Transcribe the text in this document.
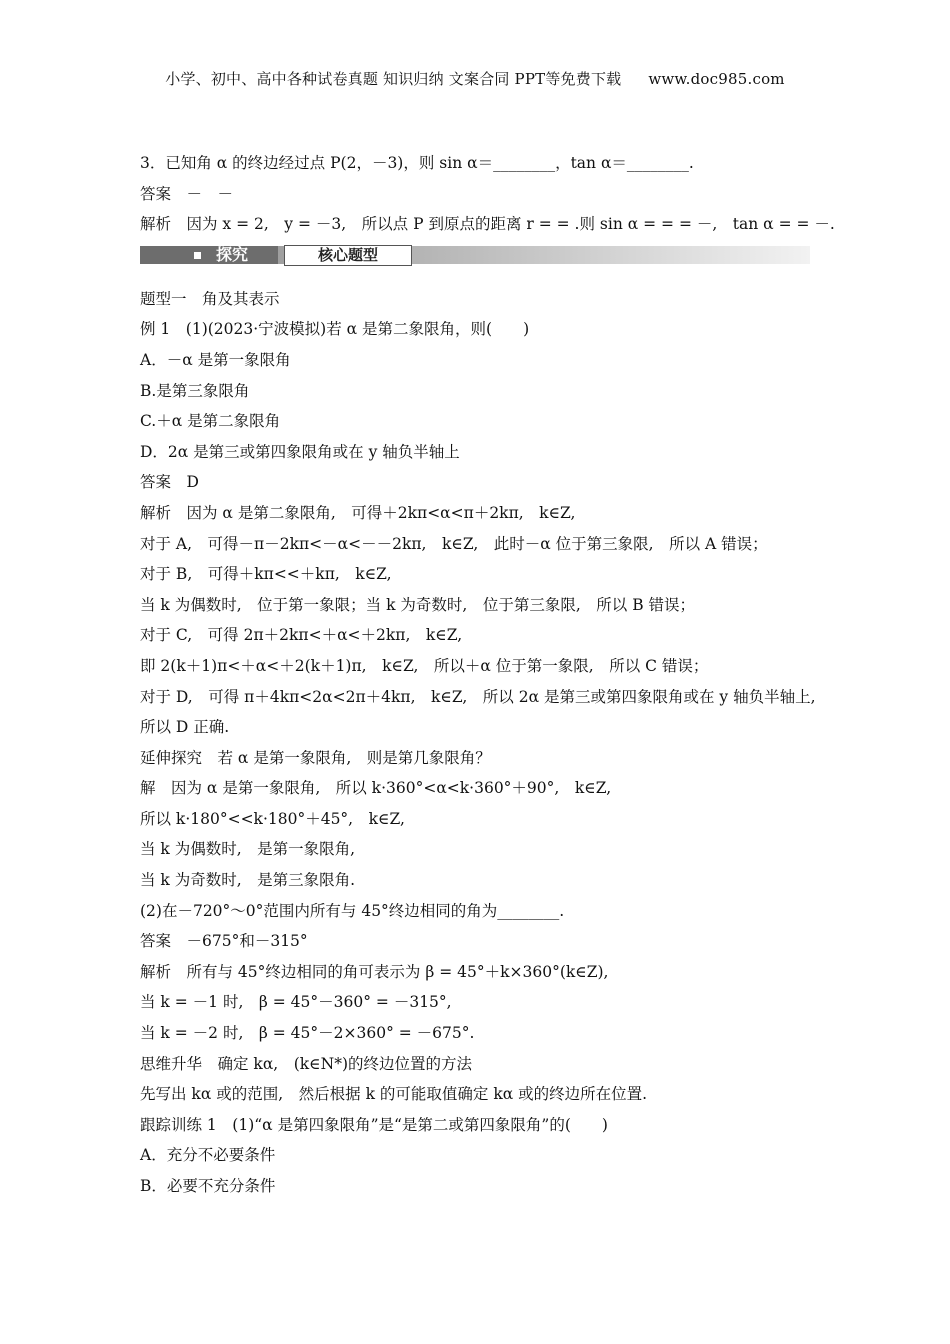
小学、初中、高中各种试卷真题 知识归纳 文案合同 PPT等免费下载 www.doc985.com
3．已知角 α 的终边经过点 P(2，－3)，则 sin α＝________，tan α＝________.
答案　－　－
解析　因为 x = 2,　y = －3,　所以点 P 到原点的距离 r = = .则 sin α = = = －,　tan α = = －.
探究	核心题型
题型一　角及其表示
例 1　(1)(2023·宁波模拟)若 α 是第二象限角，则(　　)
A．－α 是第一象限角
B.是第三象限角
C.＋α 是第二象限角
D．2α 是第三或第四象限角或在 y 轴负半轴上
答案　D
解析　因为 α 是第二象限角,　可得＋2kπ<α<π＋2kπ,　k∈Z,
对于 A,　可得－π－2kπ<－α<－－2kπ,　k∈Z,　此时－α 位于第三象限,　所以 A 错误；
对于 B,　可得＋kπ<<＋kπ,　k∈Z,
当 k 为偶数时,　位于第一象限；当 k 为奇数时,　位于第三象限,　所以 B 错误；
对于 C,　可得 2π＋2kπ<＋α<＋2kπ,　k∈Z,
即 2(k＋1)π<＋α<＋2(k＋1)π,　k∈Z,　所以＋α 位于第一象限,　所以 C 错误；
对于 D,　可得 π＋4kπ<2α<2π＋4kπ,　k∈Z,　所以 2α 是第三或第四象限角或在 y 轴负半轴上,
所以 D 正确.
延伸探究　若 α 是第一象限角,　则是第几象限角？
解　因为 α 是第一象限角,　所以 k·360°<α<k·360°＋90°,　k∈Z,
所以 k·180°<<k·180°＋45°,　k∈Z,
当 k 为偶数时,　是第一象限角,
当 k 为奇数时,　是第三象限角.
(2)在－720°～0°范围内所有与 45°终边相同的角为________.
答案　－675°和－315°
解析　所有与 45°终边相同的角可表示为 β = 45°＋k×360°(k∈Z),
当 k = －1 时,　β = 45°－360° = －315°,
当 k = －2 时,　β = 45°－2×360° = －675°.
思维升华　确定 kα,　(k∈N*)的终边位置的方法
先写出 kα 或的范围,　然后根据 k 的可能取值确定 kα 或的终边所在位置.
跟踪训练 1　(1)“α 是第四象限角”是“是第二或第四象限角”的(　　)
A．充分不必要条件
B．必要不充分条件
